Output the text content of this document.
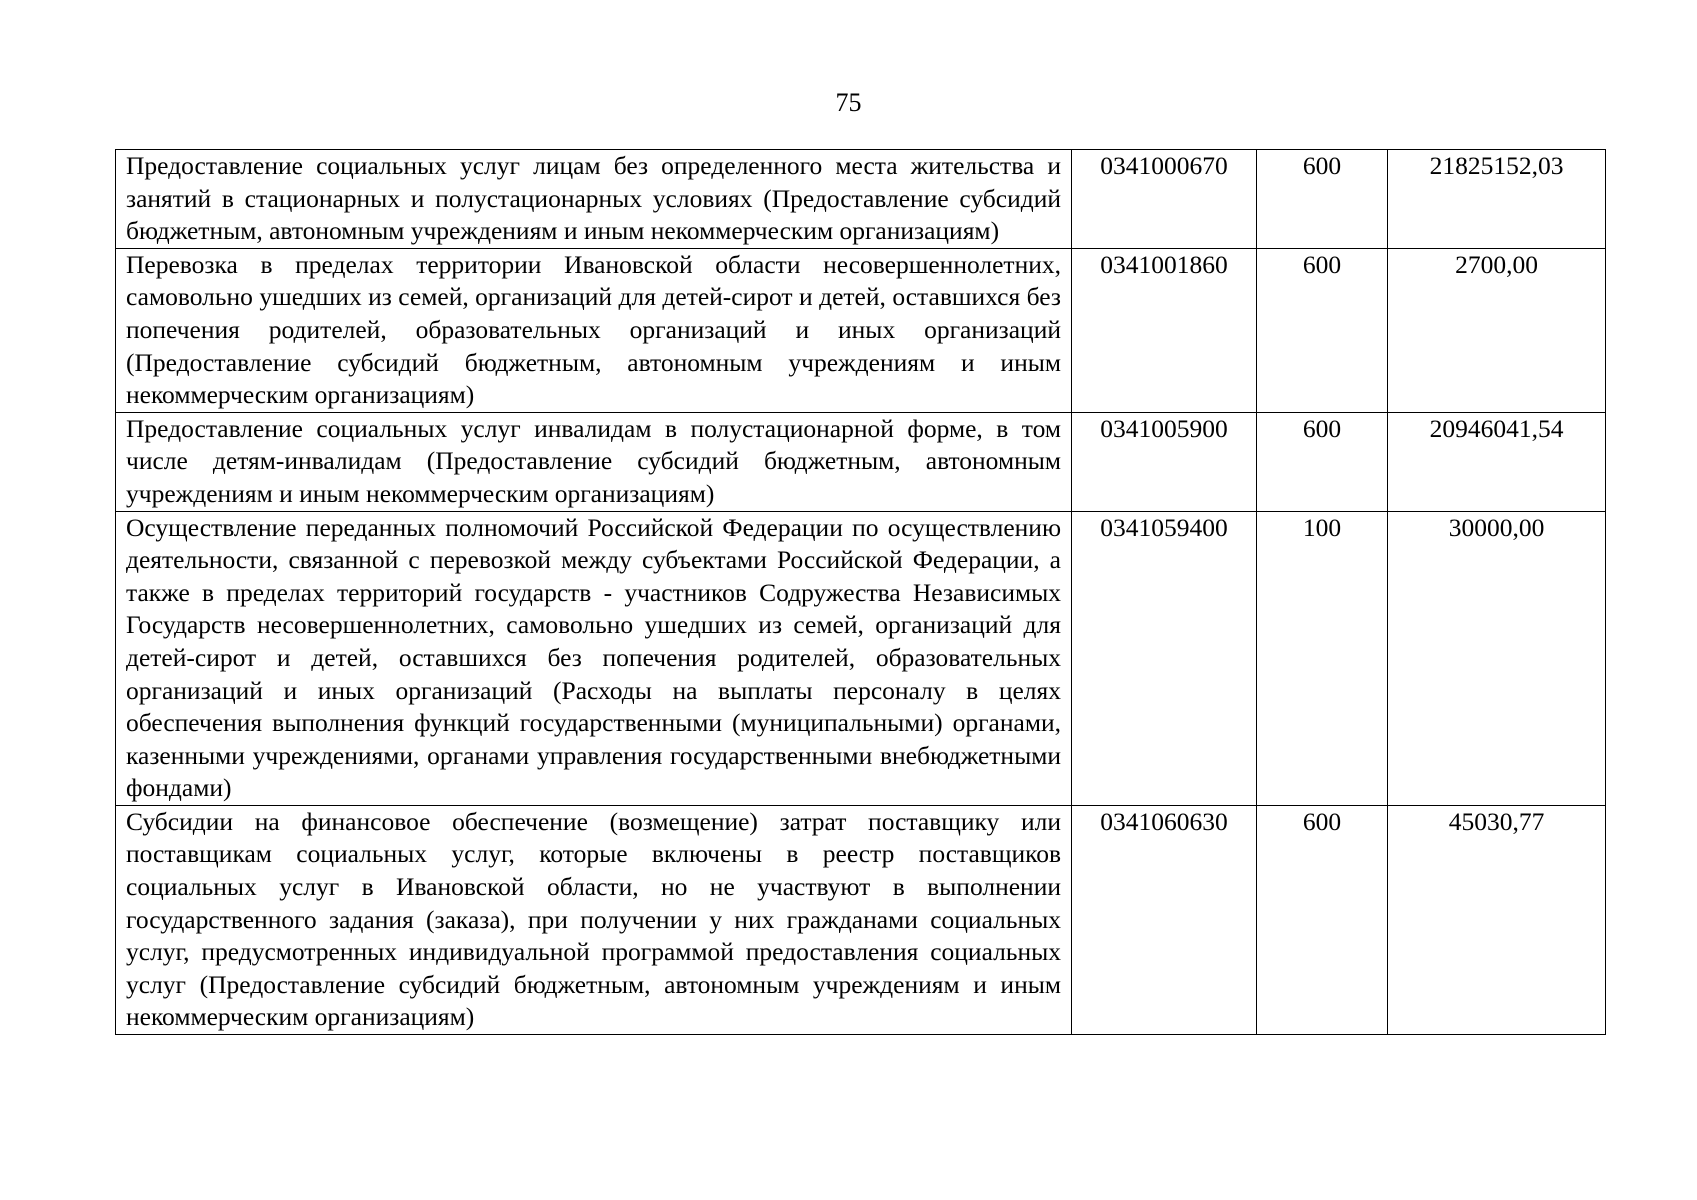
75
Предоставление социальных услуг лицам без определенного места жительства и занятий в стационарных и полустационарных условиях (Предоставление субсидий бюджетным, автономным учреждениям и иным некоммерческим организациям)	0341000670	600	21825152,03
Перевозка в пределах территории Ивановской области несовершеннолетних, самовольно ушедших из семей, организаций для детей-сирот и детей, оставшихся без попечения родителей, образовательных организаций и иных организаций (Предоставление субсидий бюджетным, автономным учреждениям и иным некоммерческим организациям)	0341001860	600	2700,00
Предоставление социальных услуг инвалидам в полустационарной форме, в том числе детям-инвалидам (Предоставление субсидий бюджетным, автономным учреждениям и иным некоммерческим организациям)	0341005900	600	20946041,54
Осуществление переданных полномочий Российской Федерации по осуществлению деятельности, связанной с перевозкой между субъектами Российской Федерации, а также в пределах территорий государств - участников Содружества Независимых Государств несовершеннолетних, самовольно ушедших из семей, организаций для детей-сирот и детей, оставшихся без попечения родителей, образовательных организаций и иных организаций (Расходы на выплаты персоналу в целях обеспечения выполнения функций государственными (муниципальными) органами, казенными учреждениями, органами управления государственными внебюджетными фондами)	0341059400	100	30000,00
Субсидии на финансовое обеспечение (возмещение) затрат поставщику или поставщикам социальных услуг, которые включены в реестр поставщиков социальных услуг в Ивановской области, но не участвуют в выполнении государственного задания (заказа), при получении у них гражданами социальных услуг, предусмотренных индивидуальной программой предоставления социальных услуг (Предоставление субсидий бюджетным, автономным учреждениям и иным некоммерческим организациям)	0341060630	600	45030,77
